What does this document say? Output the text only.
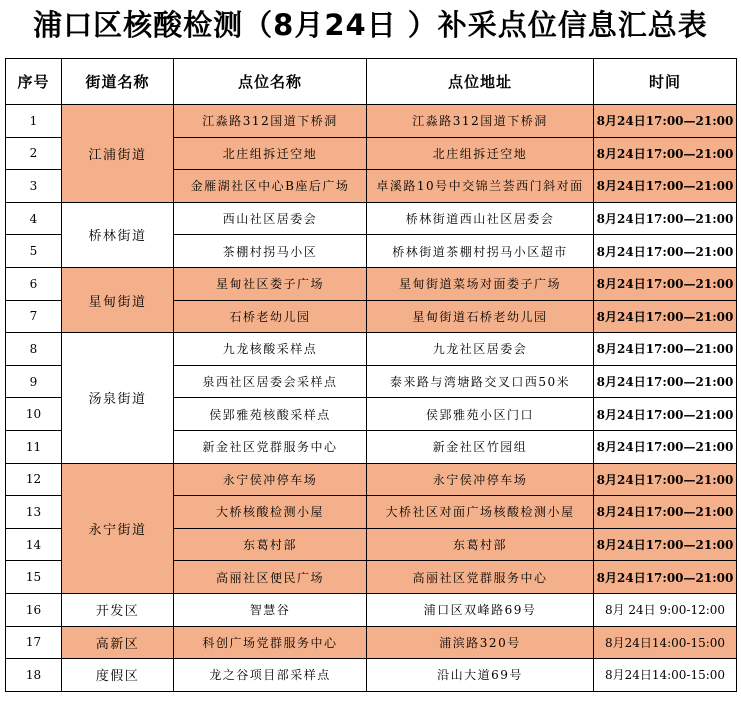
浦口区核酸检测（8月24日 ）补采点位信息汇总表
序号	街道名称	点位名称	点位地址	时间
1	江浦街道	江淼路312国道下桥洞	江淼路312国道下桥洞	8月24日17:00—21:00
2		北庄组拆迁空地	北庄组拆迁空地	8月24日17:00—21:00
3		金雁湖社区中心B座后广场	卓溪路10号中交锦兰荟西门斜对面	8月24日17:00—21:00
4	桥林街道	西山社区居委会	桥林街道西山社区居委会	8月24日17:00—21:00
5		茶棚村拐马小区	桥林街道茶棚村拐马小区超市	8月24日17:00—21:00
6	星甸街道	星甸社区娄子广场	星甸街道菜场对面娄子广场	8月24日17:00—21:00
7		石桥老幼儿园	星甸街道石桥老幼儿园	8月24日17:00—21:00
8	汤泉街道	九龙核酸采样点	九龙社区居委会	8月24日17:00—21:00
9		泉西社区居委会采样点	泰来路与湾塘路交叉口西50米	8月24日17:00—21:00
10		侯郢雅苑核酸采样点	侯郢雅苑小区门口	8月24日17:00—21:00
11		新金社区党群服务中心	新金社区竹园组	8月24日17:00—21:00
12	永宁街道	永宁侯冲停车场	永宁侯冲停车场	8月24日17:00—21:00
13		大桥核酸检测小屋	大桥社区对面广场核酸检测小屋	8月24日17:00—21:00
14		东葛村部	东葛村部	8月24日17:00—21:00
15		高丽社区便民广场	高丽社区党群服务中心	8月24日17:00—21:00
16	开发区	智慧谷	浦口区双峰路69号	8月 24日 9:00-12:00
17	高新区	科创广场党群服务中心	浦滨路320号	8月24日14:00-15:00
18	度假区	龙之谷项目部采样点	沿山大道69号	8月24日14:00-15:00
